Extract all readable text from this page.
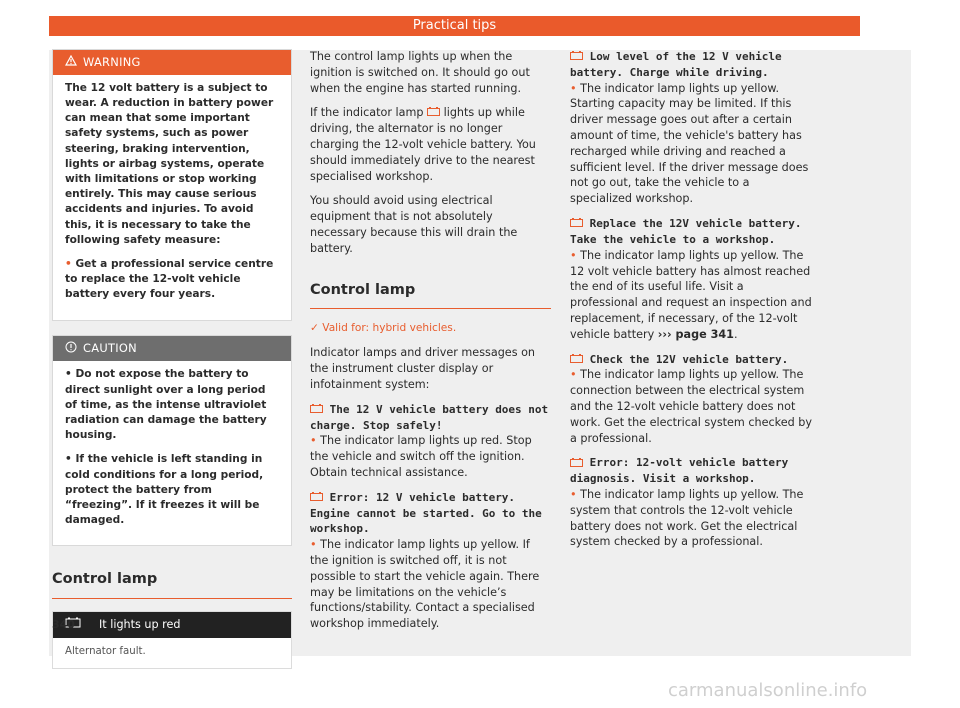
Practical tips
WARNING

The 12 volt battery is a subject to wear. A reduction in battery power can mean that some important safety systems, such as power steering, braking intervention, lights or airbag systems, operate with limitations or stop working entirely. This may cause serious accidents and injuries. To avoid this, it is necessary to take the following safety measure:

• Get a professional service centre to replace the 12-volt vehicle battery every four years.

CAUTION

• Do not expose the battery to direct sunlight over a long period of time, as the intense ultraviolet radiation can damage the battery housing.

• If the vehicle is left standing in cold conditions for a long period, protect the battery from “freezing”. If it freezes it will be damaged.

Control lamp
It lights up red
Alternator fault.

The control lamp lights up when the ignition is switched on. It should go out when the engine has started running.

If the indicator lamp lights up while driving, the alternator is no longer charging the 12-volt vehicle battery. You should immediately drive to the nearest specialised workshop.

You should avoid using electrical equipment that is not absolutely necessary because this will drain the battery.

Control lamp
✓ Valid for: hybrid vehicles.

Indicator lamps and driver messages on the instrument cluster display or infotainment system:

The 12 V vehicle battery does not charge. Stop safely!

• The indicator lamp lights up red. Stop the vehicle and switch off the ignition. Obtain technical assistance.

Error: 12 V vehicle battery. Engine cannot be started. Go to the workshop.

• The indicator lamp lights up yellow. If the ignition is switched off, it is not possible to start the vehicle again. There may be limitations on the vehicle’s functions/stability. Contact a specialised workshop immediately.

Low level of the 12 V vehicle battery. Charge while driving.

• The indicator lamp lights up yellow. Starting capacity may be limited. If this driver message goes out after a certain amount of time, the vehicle's battery has recharged while driving and reached a sufficient level. If the driver message does not go out, take the vehicle to a specialized workshop.

Replace the 12V vehicle battery. Take the vehicle to a workshop.

• The indicator lamp lights up yellow. The 12 volt vehicle battery has almost reached the end of its useful life. Visit a professional and request an inspection and replacement, if necessary, of the 12-volt vehicle battery ››› page 341.

Check the 12V vehicle battery.

• The indicator lamp lights up yellow. The connection between the electrical system and the 12-volt vehicle battery does not work. Get the electrical system checked by a professional.

Error: 12-volt vehicle battery diagnosis. Visit a workshop.

• The indicator lamp lights up yellow. The system that controls the 12-volt vehicle battery does not work. Get the electrical system checked by a professional.

340
carmanualsonline.info
